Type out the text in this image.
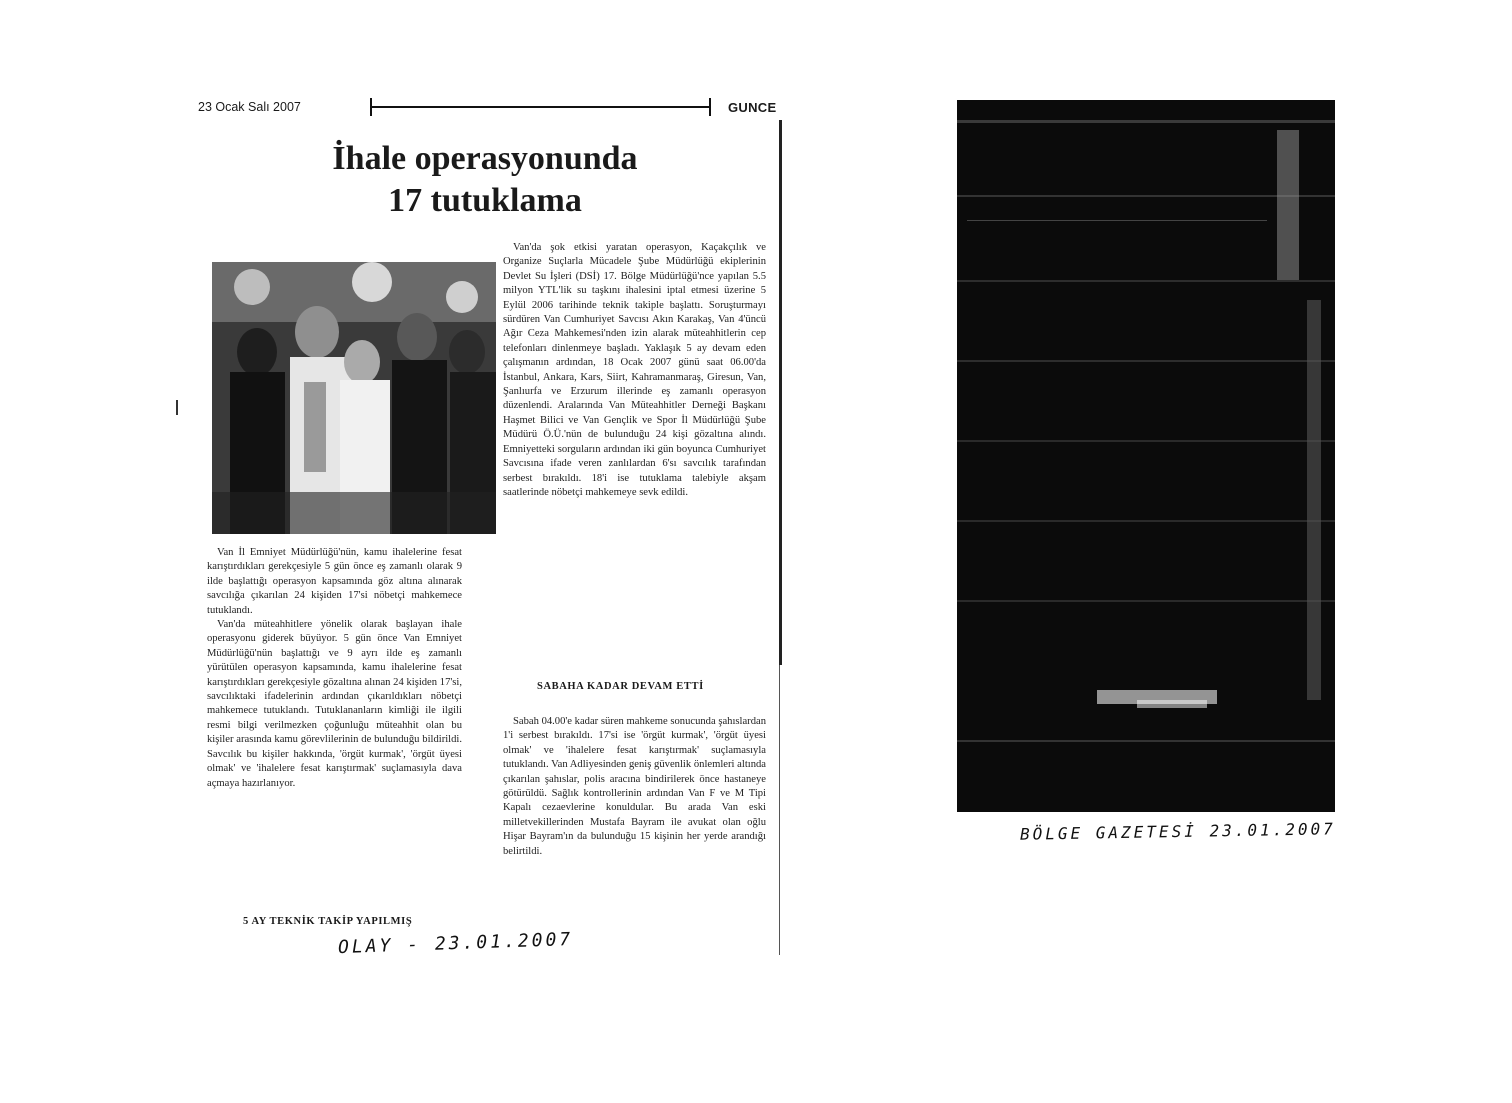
23 Ocak Salı 2007	GUNCE
İhale operasyonunda
17 tutuklama

Van İl Emniyet Müdürlüğü'nün, kamu ihalelerine fesat karıştırdıkları gerekçesiyle 5 gün önce eş zamanlı olarak 9 ilde başlattığı operasyon kapsamında göz altına alınarak savcılığa çıkarılan 24 kişiden 17'si nöbetçi mahkemece tutuklandı.

Van'da müteahhitlere yönelik olarak başlayan ihale operasyonu giderek büyüyor. 5 gün önce Van Emniyet Müdürlüğü'nün başlattığı ve 9 ayrı ilde eş zamanlı yürütülen operasyon kapsamında, kamu ihalelerine fesat karıştırdıkları gerekçesiyle gözaltına alınan 24 kişiden 17'si, savcılıktaki ifadelerinin ardından çıkarıldıkları nöbetçi mahkemece tutuklandı. Tutuklananların kimliği ile ilgili resmi bilgi verilmezken çoğunluğu müteahhit olan bu kişiler arasında kamu görevlilerinin de bulunduğu bildirildi. Savcılık bu kişiler hakkında, 'örgüt kurmak', 'örgüt üyesi olmak' ve 'ihalelere fesat karıştırmak' suçlamasıyla dava açmaya hazırlanıyor.

5 AY TEKNİK TAKİP YAPILMIŞ

Van'da şok etkisi yaratan operasyon, Kaçakçılık ve Organize Suçlarla Mücadele Şube Müdürlüğü ekiplerinin Devlet Su İşleri (DSİ) 17. Bölge Müdürlüğü'nce yapılan 5.5 milyon YTL'lik su taşkını ihalesini iptal etmesi üzerine 5 Eylül 2006 tarihinde teknik takiple başlattı. Soruşturmayı sürdüren Van Cumhuriyet Savcısı Akın Karakaş, Van 4'üncü Ağır Ceza Mahkemesi'nden izin alarak müteahhitlerin cep telefonları dinlenmeye başladı. Yaklaşık 5 ay devam eden çalışmanın ardından, 18 Ocak 2007 günü saat 06.00'da İstanbul, Ankara, Kars, Siirt, Kahramanmaraş, Giresun, Van, Şanlıurfa ve Erzurum illerinde eş zamanlı operasyon düzenlendi. Aralarında Van Müteahhitler Derneği Başkanı Haşmet Bilici ve Van Gençlik ve Spor İl Müdürlüğü Şube Müdürü Ö.Ü.'nün de bulunduğu 24 kişi gözaltına alındı. Emniyetteki sorguların ardından iki gün boyunca Cumhuriyet Savcısına ifade veren zanlılardan 6'sı savcılık tarafından serbest bırakıldı. 18'i ise tutuklama talebiyle akşam saatlerinde nöbetçi mahkemeye sevk edildi.

SABAHA KADAR DEVAM ETTİ

Sabah 04.00'e kadar süren mahkeme sonucunda şahıslardan 1'i serbest bırakıldı. 17'si ise 'örgüt kurmak', 'örgüt üyesi olmak' ve 'ihalelere fesat karıştırmak' suçlamasıyla tutuklandı. Van Adliyesinden geniş güvenlik önlemleri altında çıkarılan şahıslar, polis aracına bindirilerek önce hastaneye götürüldü. Sağlık kontrollerinin ardından Van F ve M Tipi Kapalı cezaevlerine konuldular. Bu arada Van eski milletvekillerinden Mustafa Bayram ile avukat olan oğlu Hişar Bayram'ın da bulunduğu 15 kişinin her yerde arandığı belirtildi.

OLAY - 23.01.2007
BÖLGE GAZETESİ 23.01.2007
